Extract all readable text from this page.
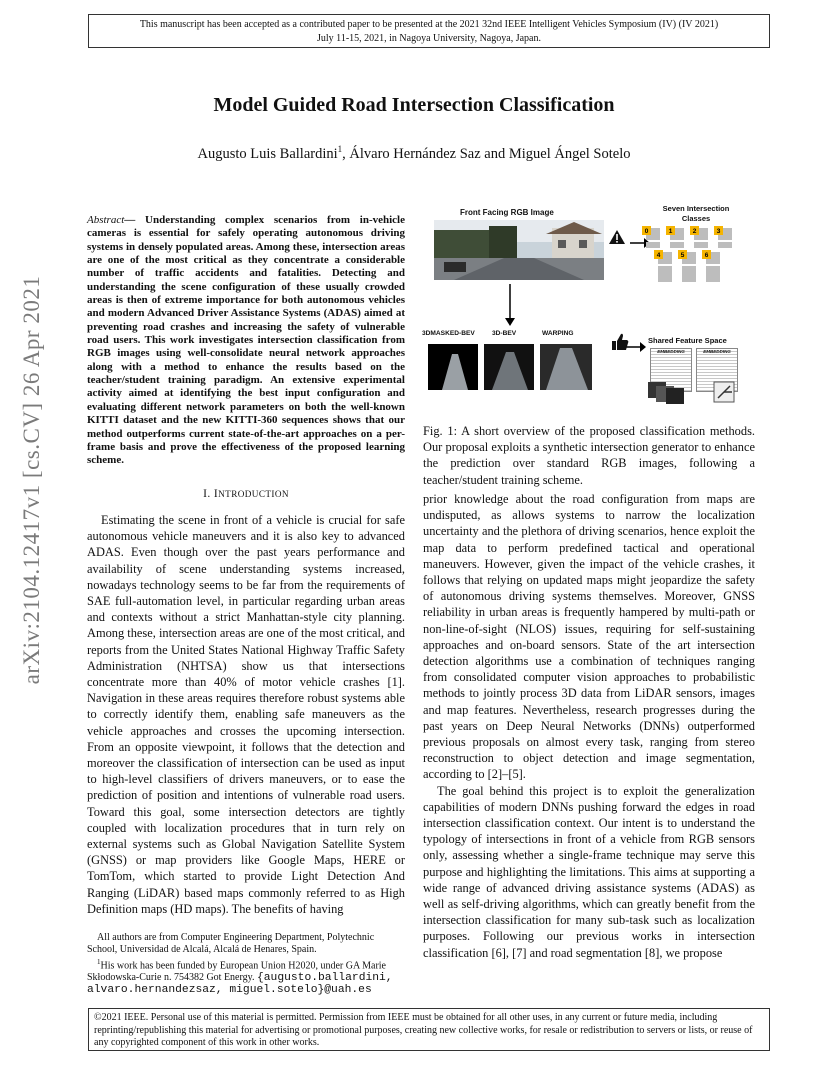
This manuscript has been accepted as a contributed paper to be presented at the 2021 32nd IEEE Intelligent Vehicles Symposium (IV) (IV 2021)
July 11-15, 2021, in Nagoya University, Nagoya, Japan.
Model Guided Road Intersection Classification
Augusto Luis Ballardini$^1$, Álvaro Hernández Saz and Miguel Ángel Sotelo
arXiv:2104.12417v1 [cs.CV] 26 Apr 2021
Abstract— Understanding complex scenarios from in-vehicle cameras is essential for safely operating autonomous driving systems in densely populated areas. Among these, intersection areas are one of the most critical as they concentrate a considerable number of traffic accidents and fatalities. Detecting and understanding the scene configuration of these usually crowded areas is then of extreme importance for both autonomous vehicles and modern Advanced Driver Assistance Systems (ADAS) aimed at preventing road crashes and increasing the safety of vulnerable road users. This work investigates intersection classification from RGB images using well-consolidate neural network approaches along with a method to enhance the results based on the teacher/student training paradigm. An extensive experimental activity aimed at identifying the best input configuration and evaluating different network parameters on both the well-known KITTI dataset and the new KITTI-360 sequences shows that our method outperforms current state-of-the-art approaches on a per-frame basis and prove the effectiveness of the proposed learning scheme.
I. INTRODUCTION

Estimating the scene in front of a vehicle is crucial for safe autonomous vehicle maneuvers and it is also key to advanced ADAS. Even though over the past years performance and availability of scene understanding systems increased, nowadays technology seems to be far from the requirements of SAE full-automation level, in particular regarding urban areas and contexts without a strict Manhattan-style city planning. Among these, intersection areas are one of the most critical, and reports from the United States National Highway Traffic Safety Administration (NHTSA) show us that intersections concentrate more than 40% of motor vehicle crashes [1]. Navigation in these areas requires therefore robust systems able to correctly identify them, enabling safe maneuvers as the vehicle approaches and crosses the upcoming intersection. From an opposite viewpoint, it follows that the detection and moreover the classification of intersection can be used as input to high-level classifiers of drivers maneuvers, or to ease the prediction of position and intentions of vulnerable road users. Toward this goal, some intersection detectors are tightly coupled with localization procedures that in turn rely on external systems such as Global Navigation Satellite System (GNSS) or map providers like Google Maps, HERE or TomTom, which started to provide Light Detection And Ranging (LiDAR) based maps commonly referred to as High Definition maps (HD maps). The benefits of having

All authors are from Computer Engineering Department, Polytechnic School, Universidad de Alcalá, Alcalá de Henares, Spain.

$^1$His work has been funded by European Union H2020, under GA Marie Skłodowska-Curie n. 754382 Got Energy. {augusto.ballardini, alvaro.hernandezsaz, miguel.sotelo}@uah.es

Front Facing RGB Image	Seven Intersection Classes
0	1	2	3
4	5	6
3DMASKED-BEV	3D-BEV	WARPING
Shared Feature Space
EMBEDDING	EMBEDDING
Fig. 1: A short overview of the proposed classification methods. Our proposal exploits a synthetic intersection generator to enhance the prediction over standard RGB images, following a teacher/student training scheme.

prior knowledge about the road configuration from maps are undisputed, as allows systems to narrow the localization uncertainty and the plethora of driving scenarios, hence exploit the map data to perform predefined tactical and operational maneuvers. However, given the impact of the vehicle crashes, it follows that relying on updated maps might jeopardize the safety of autonomous driving systems themselves. Moreover, GNSS reliability in urban areas is frequently hampered by multi-path or non-line-of-sight (NLOS) issues, requiring for self-sustaining approaches and on-board sensors. State of the art intersection detection algorithms use a combination of techniques ranging from consolidated computer vision approaches to probabilistic methods to jointly process 3D data from LiDAR sensors, images and map features. Nevertheless, research progresses during the past years on Deep Neural Networks (DNNs) outperformed previous proposals on almost every task, ranging from stereo reconstruction to object detection and image segmentation, according to [2]–[5].

The goal behind this project is to exploit the generalization capabilities of modern DNNs pushing forward the edges in road intersection classification context. Our intent is to understand the typology of intersections in front of a vehicle from RGB sensors only, assessing whether a single-frame technique may serve this purpose and highlighting the limitations. This aims at supporting a wide range of advanced driving assistance systems (ADAS) as well as self-driving algorithms, which can greatly benefit from the intersection classification for many sub-task such as localization purposes. Following our previous works in intersection classification [6], [7] and road segmentation [8], we propose

©2021 IEEE. Personal use of this material is permitted. Permission from IEEE must be obtained for all other uses, in any current or future media, including reprinting/republishing this material for advertising or promotional purposes, creating new collective works, for resale or redistribution to servers or lists, or reuse of any copyrighted component of this work in other works.
